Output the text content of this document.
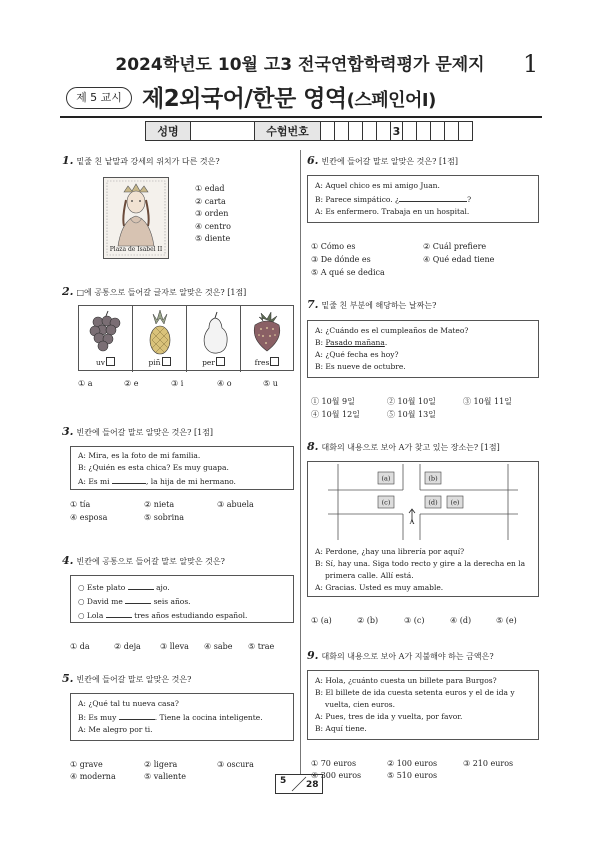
2024학년도 10월 고3 전국연합학력평가 문제지	1
제 5 교시 제2외국어/한문 영역(스페인어Ⅰ)
성명	수험번호	3
1. 밑줄 친 낱말과 강세의 위치가 다른 것은?
Plaza de Isabel II
① edad
② carta
③ orden
④ centro
⑤ diente
2. □에 공통으로 들어갈 글자로 알맞은 것은? [1점]
uv	piñ	per	fres
① a	② e	③ i	④ o	⑤ u
3. 빈칸에 들어갈 말로 알맞은 것은? [1점]
A: Mira, es la foto de mi familia.
B: ¿Quién es esta chica? Es muy guapa.
A: Es mi	, la hija de mi hermano.
① tía	② nieta	③ abuela
④ esposa	⑤ sobrina
4. 빈칸에 공통으로 들어갈 말로 알맞은 것은?
○ Este plato	ajo.
○ David me	seis años.
○ Lola	tres años estudiando español.
① da	② deja ③ lleva ④ sabe ⑤ trae
5. 빈칸에 들어갈 말로 알맞은 것은?
A: ¿Qué tal tu nueva casa?
B: Es muy	. Tiene la cocina inteligente.
A: Me alegro por ti.
① grave	② ligera	③ oscura
④ moderna	⑤ valiente
6. 빈칸에 들어갈 말로 알맞은 것은? [1점]
A: Aquel chico es mi amigo Juan.
B: Parece simpático. ¿	?
A: Es enfermero. Trabaja en un hospital.
① Cómo es	② Cuál prefiere
③ De dónde es	④ Qué edad tiene
⑤ A qué se dedica
7. 밑줄 친 부분에 해당하는 날짜는?
A: ¿Cuándo es el cumpleaños de Mateo?
B: Pasado mañana.
A: ¿Qué fecha es hoy?
B: Es nueve de octubre.
① 10월 9일	② 10월 10일	③ 10월 11일
④ 10월 12일	⑤ 10월 13일
8. 대화의 내용으로 보아 A가 찾고 있는 장소는? [1점]
(a)	(b)
(c)	(d) (e)
A
A: Perdone, ¿hay una librería por aquí?
B: Sí, hay una. Siga todo recto y gire a la derecha en la
primera calle. Allí está.
A: Gracias. Usted es muy amable.
① (a)	② (b)	③ (c)	④ (d)	⑤ (e)
9. 대화의 내용으로 보아 A가 지불해야 하는 금액은?
A: Hola, ¿cuánto cuesta un billete para Burgos?
B: El billete de ida cuesta setenta euros y el de ida y
vuelta, cien euros.
A: Pues, tres de ida y vuelta, por favor.
B: Aquí tiene.
① 70 euros	② 100 euros	③ 210 euros
④ 300 euros	⑤ 510 euros
5 28
